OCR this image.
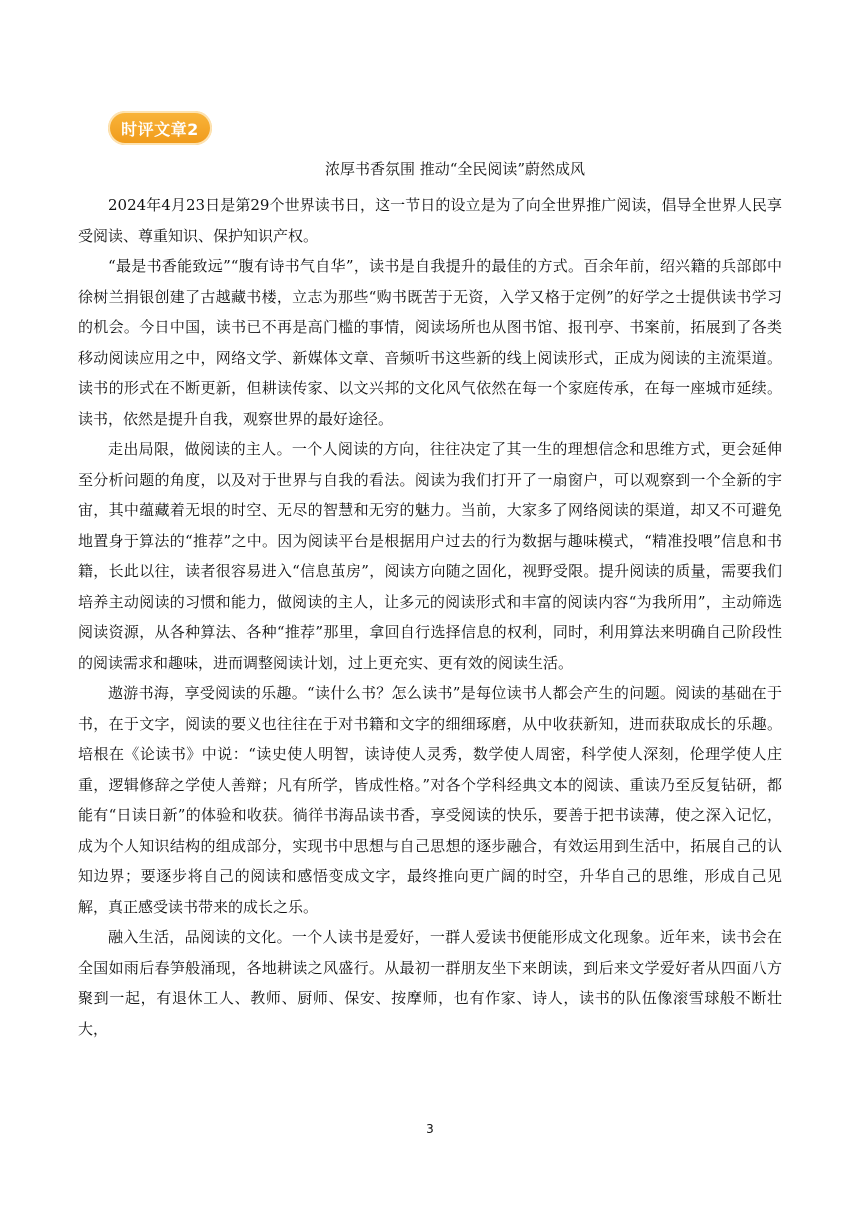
时评文章2
浓厚书香氛围 推动“全民阅读”蔚然成风

2024年4月23日是第29个世界读书日，这一节日的设立是为了向全世界推广阅读，倡导全世界人民享受阅读、尊重知识、保护知识产权。

“最是书香能致远”“腹有诗书气自华”，读书是自我提升的最佳的方式。百余年前，绍兴籍的兵部郎中徐树兰捐银创建了古越藏书楼，立志为那些“购书既苦于无资，入学又格于定例”的好学之士提供读书学习的机会。今日中国，读书已不再是高门槛的事情，阅读场所也从图书馆、报刊亭、书案前，拓展到了各类移动阅读应用之中，网络文学、新媒体文章、音频听书这些新的线上阅读形式，正成为阅读的主流渠道。读书的形式在不断更新，但耕读传家、以文兴邦的文化风气依然在每一个家庭传承，在每一座城市延续。读书，依然是提升自我，观察世界的最好途径。

走出局限，做阅读的主人。一个人阅读的方向，往往决定了其一生的理想信念和思维方式，更会延伸至分析问题的角度，以及对于世界与自我的看法。阅读为我们打开了一扇窗户，可以观察到一个全新的宇宙，其中蕴藏着无垠的时空、无尽的智慧和无穷的魅力。当前，大家多了网络阅读的渠道，却又不可避免地置身于算法的“推荐”之中。因为阅读平台是根据用户过去的行为数据与趣味模式，“精准投喂”信息和书籍，长此以往，读者很容易进入“信息茧房”，阅读方向随之固化，视野受限。提升阅读的质量，需要我们培养主动阅读的习惯和能力，做阅读的主人，让多元的阅读形式和丰富的阅读内容“为我所用”，主动筛选阅读资源，从各种算法、各种“推荐”那里，拿回自行选择信息的权利，同时，利用算法来明确自己阶段性的阅读需求和趣味，进而调整阅读计划，过上更充实、更有效的阅读生活。

遨游书海，享受阅读的乐趣。“读什么书？怎么读书”是每位读书人都会产生的问题。阅读的基础在于书，在于文字，阅读的要义也往往在于对书籍和文字的细细琢磨，从中收获新知，进而获取成长的乐趣。培根在《论读书》中说：“读史使人明智，读诗使人灵秀，数学使人周密，科学使人深刻，伦理学使人庄重，逻辑修辞之学使人善辩；凡有所学，皆成性格。”对各个学科经典文本的阅读、重读乃至反复钻研，都能有“日读日新”的体验和收获。徜徉书海品读书香，享受阅读的快乐，要善于把书读薄，使之深入记忆，成为个人知识结构的组成部分，实现书中思想与自己思想的逐步融合，有效运用到生活中，拓展自己的认知边界；要逐步将自己的阅读和感悟变成文字，最终推向更广阔的时空，升华自己的思维，形成自己见解，真正感受读书带来的成长之乐。

融入生活，品阅读的文化。一个人读书是爱好，一群人爱读书便能形成文化现象。近年来，读书会在全国如雨后春笋般涌现，各地耕读之风盛行。从最初一群朋友坐下来朗读，到后来文学爱好者从四面八方聚到一起，有退休工人、教师、厨师、保安、按摩师，也有作家、诗人，读书的队伍像滚雪球般不断壮大，

3
